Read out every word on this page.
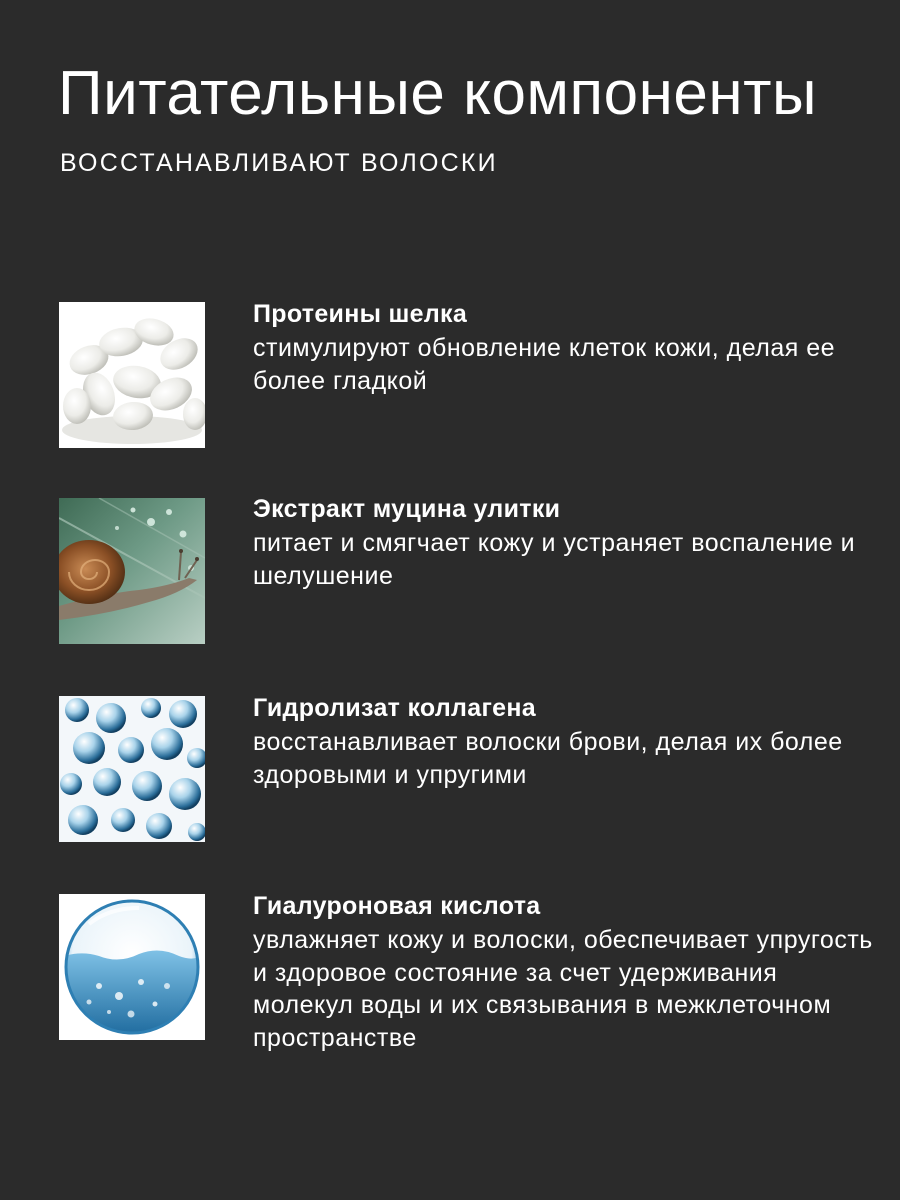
Питательные компоненты

ВОССТАНАВЛИВАЮТ ВОЛОСКИ

Протеины шелка

стимулируют обновление клеток кожи, делая ее более гладкой

Экстракт муцина улитки

питает и смягчает кожу и устраняет воспаление и шелушение

Гидролизат коллагена

восстанавливает волоски брови, делая их более здоровыми и упругими

Гиалуроновая кислота

увлажняет кожу и волоски, обеспечивает упругость и здоровое состояние за счет удерживания молекул воды и их связывания в межклеточном пространстве
